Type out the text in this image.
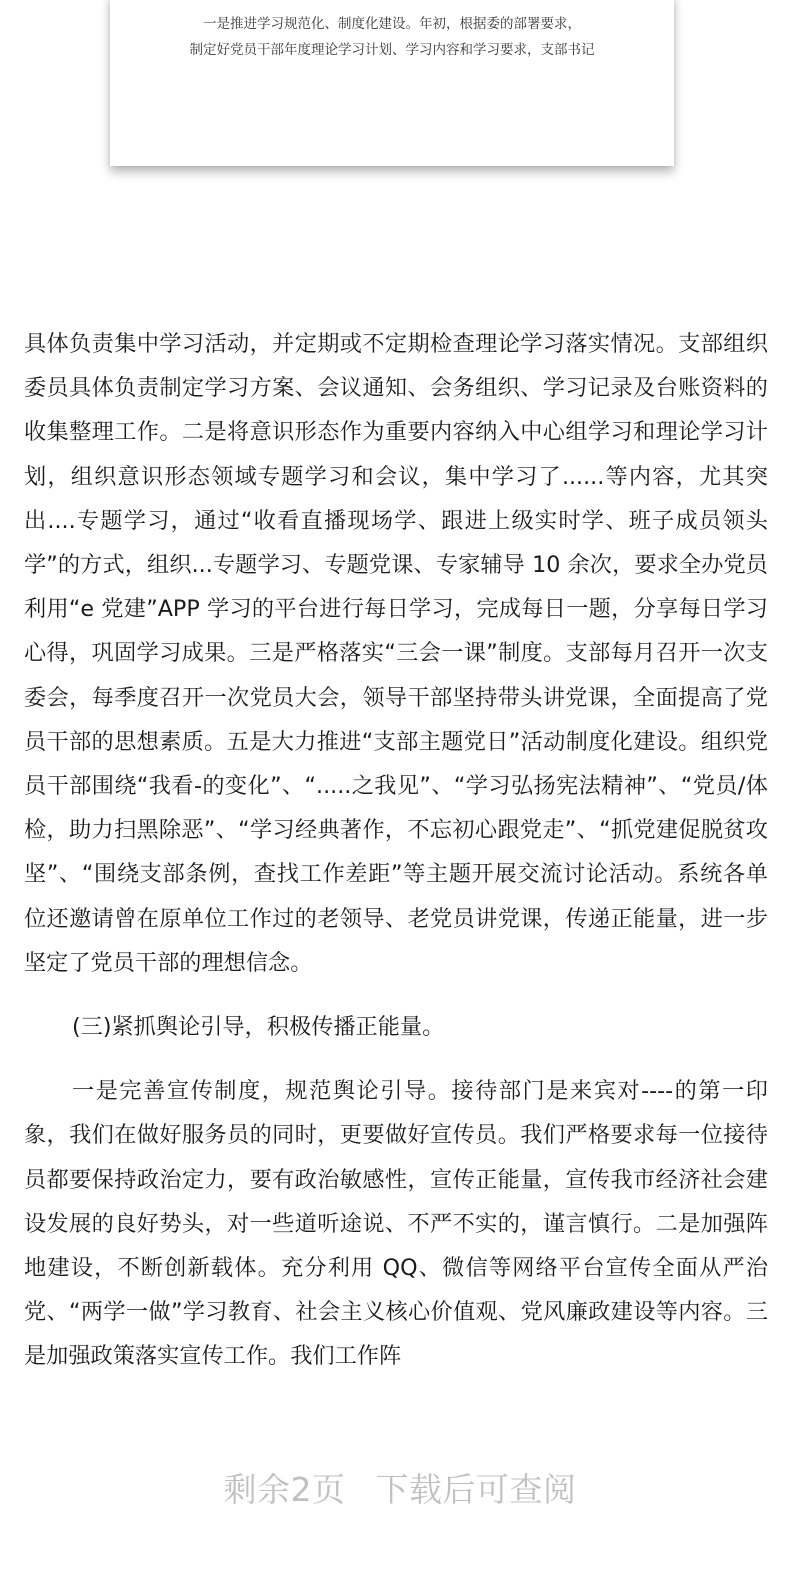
一是推进学习规范化、制度化建设。年初，根据委的部署要求，
制定好党员干部年度理论学习计划、学习内容和学习要求，支部书记

具体负责集中学习活动，并定期或不定期检查理论学习落实情况。支部组织委员具体负责制定学习方案、会议通知、会务组织、学习记录及台账资料的收集整理工作。二是将意识形态作为重要内容纳入中心组学习和理论学习计划，组织意识形态领域专题学习和会议，集中学习了......等内容，尤其突出....专题学习，通过“收看直播现场学、跟进上级实时学、班子成员领头学”的方式，组织...专题学习、专题党课、专家辅导 10 余次，要求全办党员利用“e 党建”APP 学习的平台进行每日学习，完成每日一题，分享每日学习心得，巩固学习成果。三是严格落实“三会一课”制度。支部每月召开一次支委会，每季度召开一次党员大会，领导干部坚持带头讲党课，全面提高了党员干部的思想素质。五是大力推进“支部主题党日”活动制度化建设。组织党员干部围绕“我看-的变化”、“.....之我见”、“学习弘扬宪法精神”、“党员/体检，助力扫黑除恶”、“学习经典著作，不忘初心跟党走”、“抓党建促脱贫攻坚”、“围绕支部条例，查找工作差距”等主题开展交流讨论活动。系统各单位还邀请曾在原单位工作过的老领导、老党员讲党课，传递正能量，进一步坚定了党员干部的理想信念。

(三)紧抓舆论引导，积极传播正能量。

一是完善宣传制度，规范舆论引导。接待部门是来宾对----的第一印象，我们在做好服务员的同时，更要做好宣传员。我们严格要求每一位接待员都要保持政治定力，要有政治敏感性，宣传正能量，宣传我市经济社会建设发展的良好势头，对一些道听途说、不严不实的，谨言慎行。二是加强阵地建设，不断创新载体。充分利用 QQ、微信等网络平台宣传全面从严治党、“两学一做”学习教育、社会主义核心价值观、党风廉政建设等内容。三是加强政策落实宣传工作。我们工作阵

剩余2页 下载后可查阅
